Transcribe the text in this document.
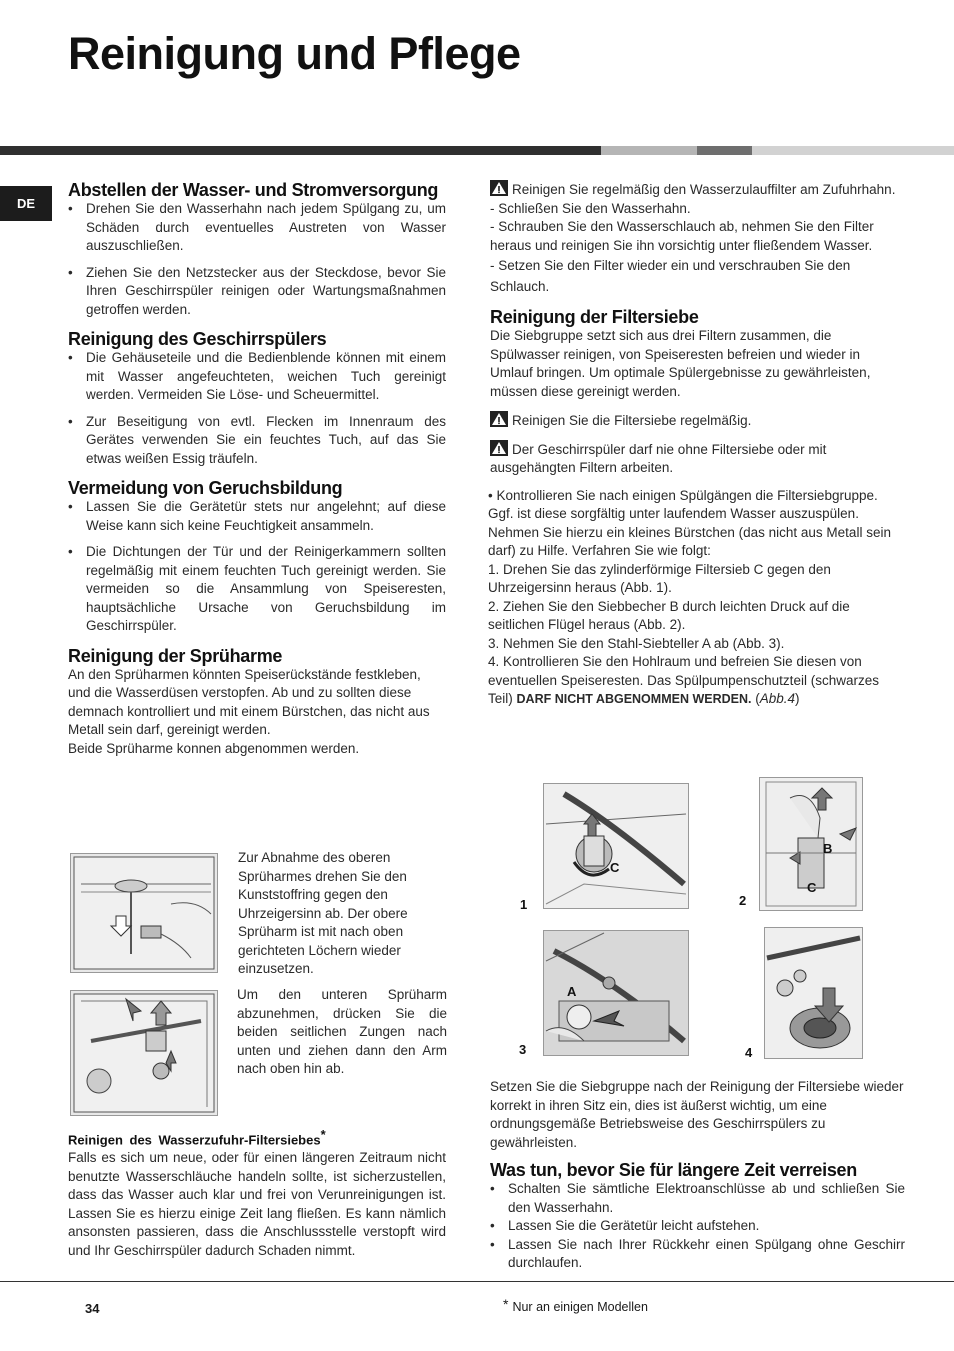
Reinigung und Pflege
DE
Abstellen der Wasser- und Stromversorgung
• Drehen Sie den Wasserhahn nach jedem Spülgang zu, um Schäden durch eventuelles Austreten von Wasser auszuschließen.
• Ziehen Sie den Netzstecker aus der Steckdose, bevor Sie Ihren Geschirrspüler reinigen oder Wartungsmaßnahmen getroffen werden.
Reinigung des Geschirrspülers
• Die Gehäuseteile und die Bedienblende können mit einem mit Wasser angefeuchteten, weichen Tuch gereinigt werden. Vermeiden Sie Löse- und Scheuermittel.
• Zur Beseitigung von evtl. Flecken im Innenraum des Gerätes verwenden Sie ein feuchtes Tuch, auf das Sie etwas weißen Essig träufeln.
Vermeidung von Geruchsbildung
• Lassen Sie die Gerätetür stets nur angelehnt; auf diese Weise kann sich keine Feuchtigkeit ansammeln.
• Die Dichtungen der Tür und der Reinigerkammern sollten regelmäßig mit einem feuchten Tuch gereinigt werden. Sie vermeiden so die Ansammlung von Speiseresten, hauptsächliche Ursache von Geruchsbildung im Geschirrspüler.
Reinigung der Sprüharme

An den Sprüharmen könnten Speiserückstände festkleben, und die Wasserdüsen verstopfen. Ab und zu sollten diese demnach kontrolliert und mit einem Bürstchen, das nicht aus Metall sein darf, gereinigt werden.

Beide Sprüharme konnen abgenommen werden.

Zur Abnahme des oberen Sprüharmes drehen Sie den Kunststoffring gegen den Uhrzeigersinn ab. Der obere Sprüharm ist mit nach oben gerichteten Löchern wieder einzusetzen.
Um den unteren Sprüharm abzunehmen, drücken Sie die beiden seitlichen Zungen nach unten und ziehen dann den Arm nach oben hin ab.
Reinigen des Wasserzufuhr-Filtersiebes*

Falls es sich um neue, oder für einen längeren Zeitraum nicht benutzte Wasserschläuche handeln sollte, ist sicherzustellen, dass das Wasser auch klar und frei von Verunreinigungen ist. Lassen Sie es hierzu einige Zeit lang fließen. Es kann nämlich ansonsten passieren, dass die Anschlussstelle verstopft wird und Ihr Geschirrspüler dadurch Schaden nimmt.

Reinigen Sie regelmäßig den Wasserzulauffilter am Zufuhrhahn.

- Schließen Sie den Wasserhahn.

- Schrauben Sie den Wasserschlauch ab, nehmen Sie den Filter heraus und reinigen Sie ihn vorsichtig unter fließendem Wasser.

- Setzen Sie den Filter wieder ein und verschrauben Sie den Schlauch.

Reinigung der Filtersiebe

Die Siebgruppe setzt sich aus drei Filtern zusammen, die Spülwasser reinigen, von Speiseresten befreien und wieder in Umlauf bringen. Um optimale Spülergebnisse zu gewährleisten, müssen diese gereinigt werden.

Reinigen Sie die Filtersiebe regelmäßig.

Der Geschirrspüler darf nie ohne Filtersiebe oder mit ausgehängten Filtern arbeiten.

• Kontrollieren Sie nach einigen Spülgängen die Filtersiebgruppe. Ggf. ist diese sorgfältig unter laufendem Wasser auszuspülen. Nehmen Sie hierzu ein kleines Bürstchen (das nicht aus Metall sein darf) zu Hilfe. Verfahren Sie wie folgt:

1. Drehen Sie das zylinderförmige Filtersieb C gegen den Uhrzeigersinn heraus (Abb. 1).

2. Ziehen Sie den Siebbecher B durch leichten Druck auf die seitlichen Flügel heraus (Abb. 2).

3. Nehmen Sie den Stahl-Siebteller A ab (Abb. 3).

4. Kontrollieren Sie den Hohlraum und befreien Sie diesen von eventuellen Speiseresten. Das Spülpumpenschutzteil (schwarzes Teil) DARF NICHT ABGENOMMEN WERDEN. (Abb.4)

1	2
3	4
C
B
C
A

Setzen Sie die Siebgruppe nach der Reinigung der Filtersiebe wieder korrekt in ihren Sitz ein, dies ist äußerst wichtig, um eine ordnungsgemäße Betriebsweise des Geschirrspülers zu gewährleisten.

Was tun, bevor Sie für längere Zeit verreisen
• Schalten Sie sämtliche Elektroanschlüsse ab und schließen Sie den Wasserhahn.
• Lassen Sie die Gerätetür leicht aufstehen.
• Lassen Sie nach Ihrer Rückkehr einen Spülgang ohne Geschirr durchlaufen.
34	* Nur an einigen Modellen
